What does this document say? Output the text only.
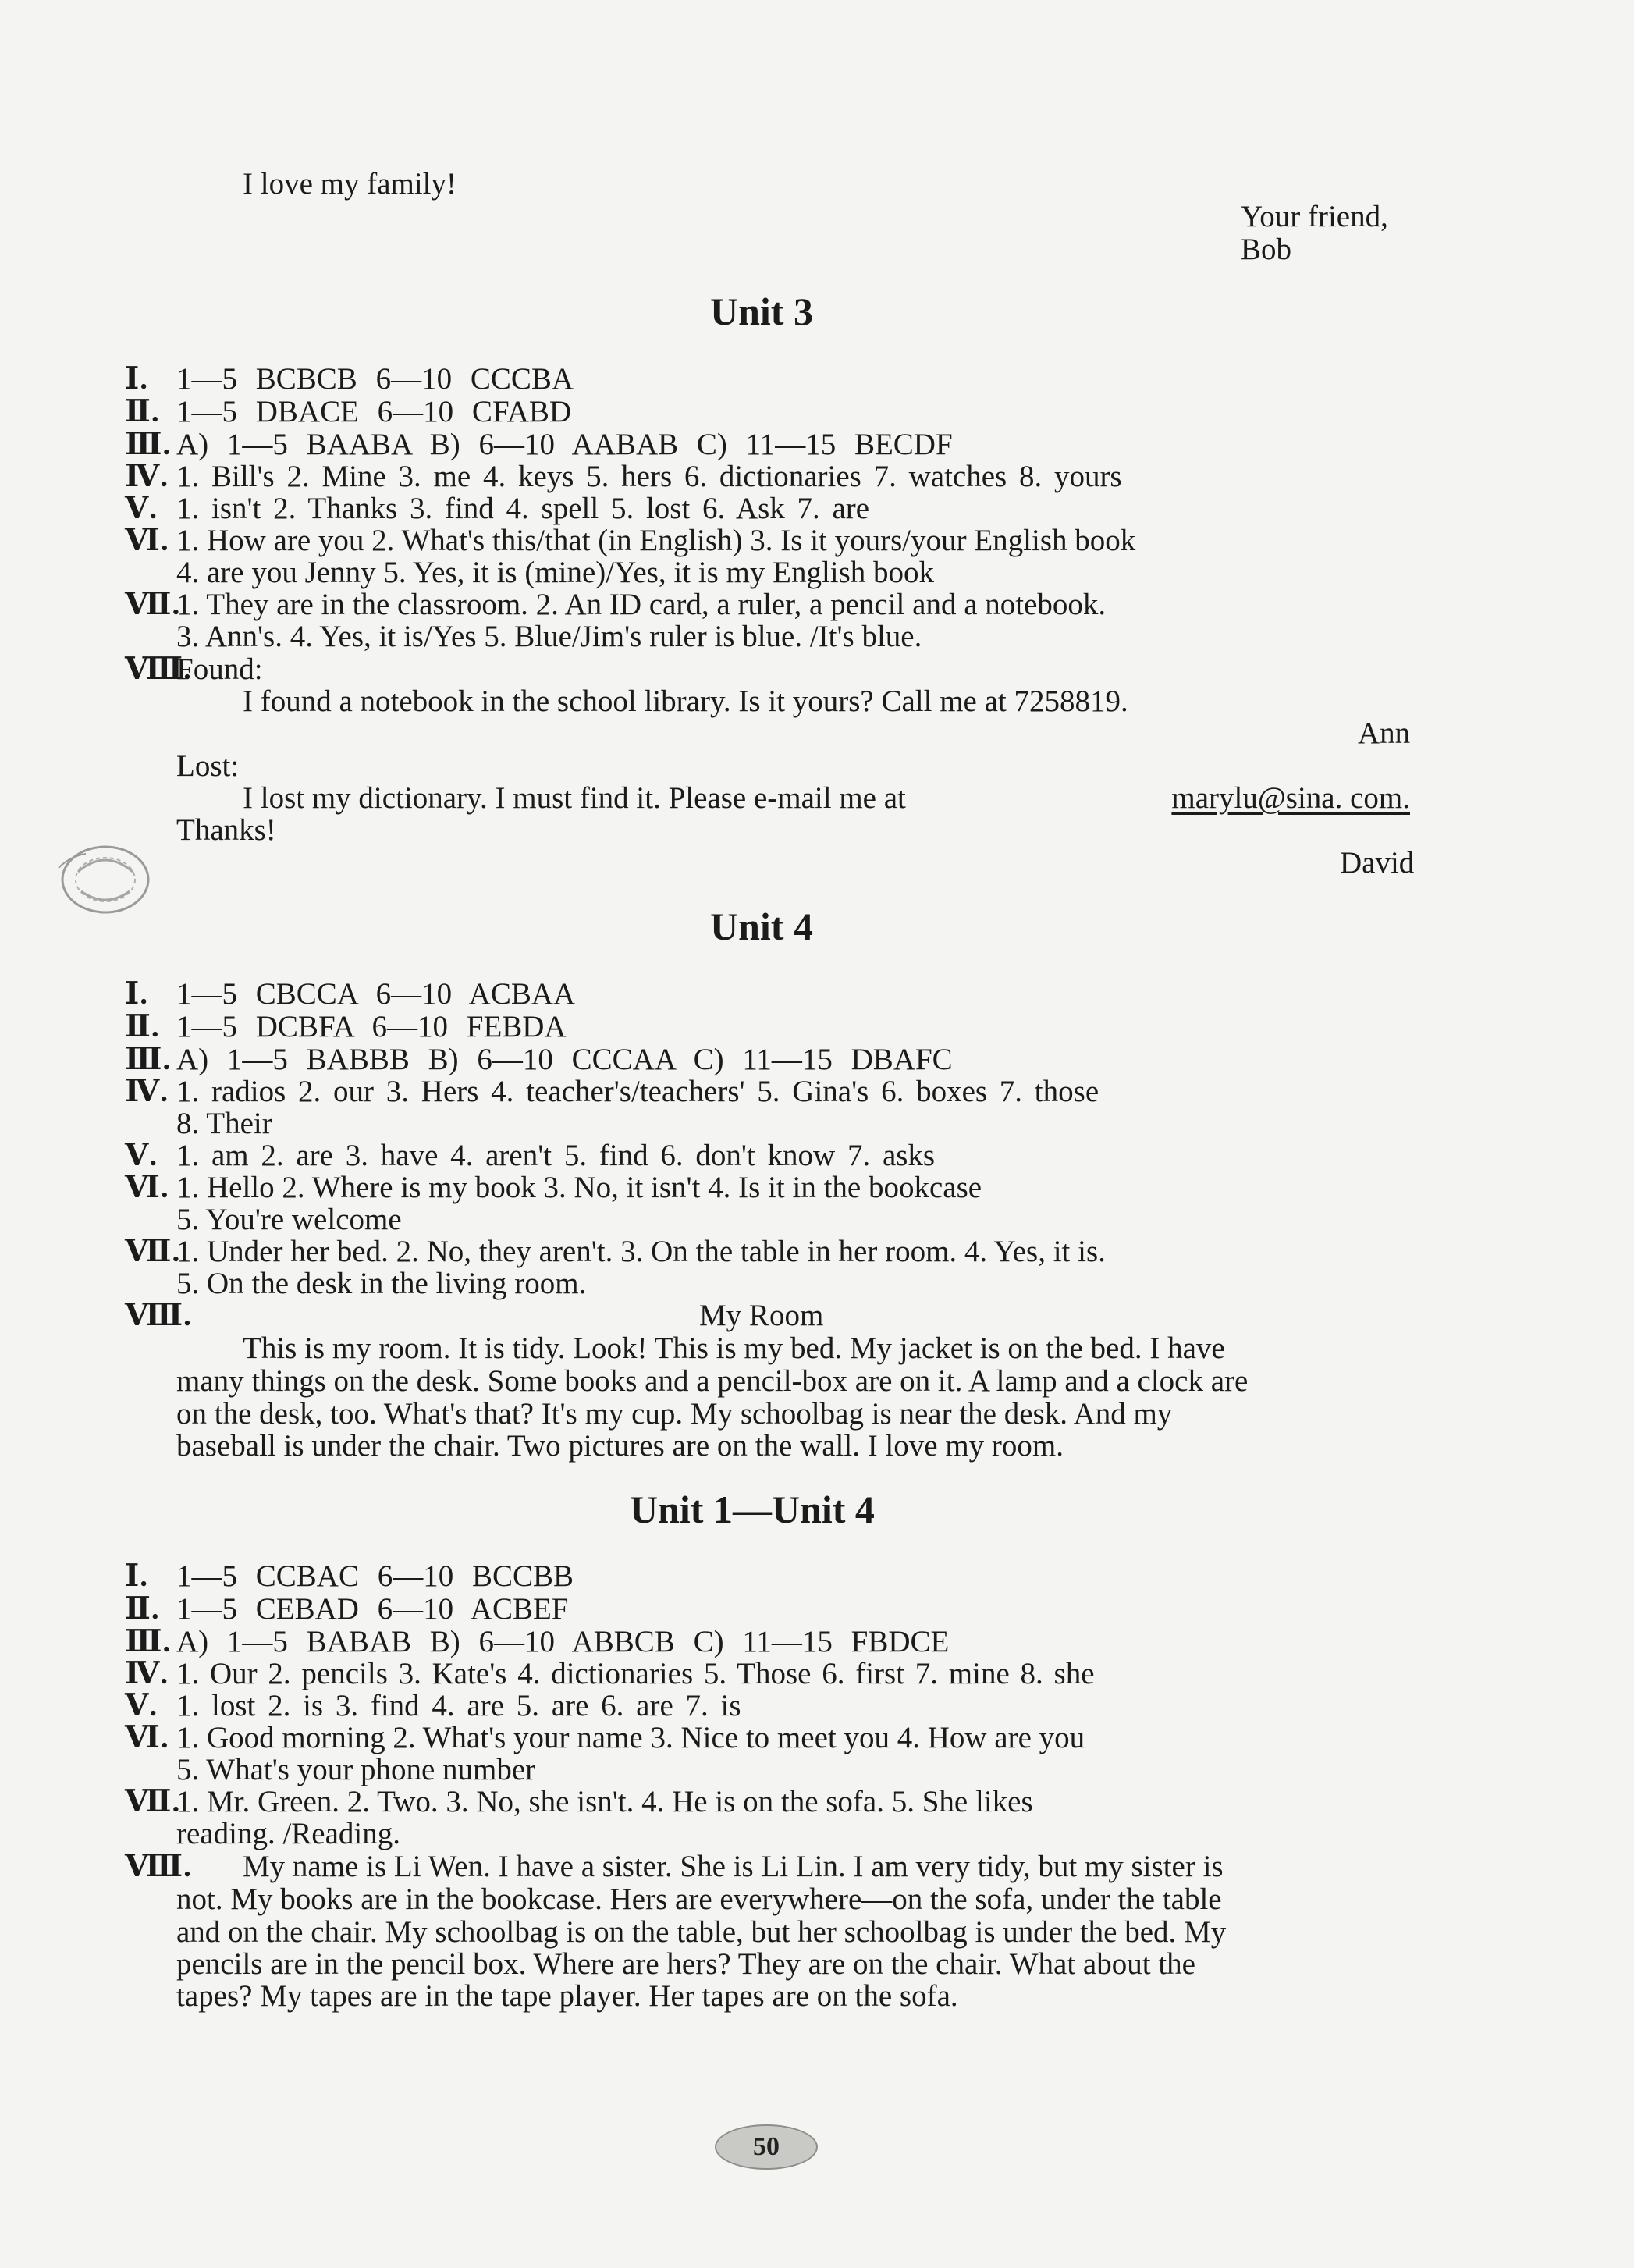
I love my family!
Your friend,
Bob
Unit 3
Ⅰ. 1—5 BCBCB 6—10 CCCBA
Ⅱ. 1—5 DBACE 6—10 CFABD
Ⅲ. A) 1—5 BAABA B) 6—10 AABAB C) 11—15 BECDF
Ⅳ. 1. Bill's 2. Mine 3. me 4. keys 5. hers 6. dictionaries 7. watches 8. yours
Ⅴ. 1. isn't 2. Thanks 3. find 4. spell 5. lost 6. Ask 7. are
Ⅵ. 1. How are you 2. What's this/that (in English) 3. Is it yours/your English book
4. are you Jenny 5. Yes, it is (mine)/Yes, it is my English book
Ⅶ.
1. They are in the classroom. 2. An ID card, a ruler, a pencil and a notebook.
3. Ann's. 4. Yes, it is/Yes 5. Blue/Jim's ruler is blue. /It's blue.
Ⅷ.
Found:
I found a notebook in the school library. Is it yours? Call me at 7258819.
Ann
Lost:
I lost my dictionary. I must find it. Please e-mail me at	marylu@sina. com.
Thanks!
David
Unit 4
Ⅰ. 1—5 CBCCA 6—10 ACBAA
Ⅱ. 1—5 DCBFA 6—10 FEBDA
Ⅲ. A) 1—5 BABBB B) 6—10 CCCAA C) 11—15 DBAFC
Ⅳ. 1. radios 2. our 3. Hers 4. teacher's/teachers' 5. Gina's 6. boxes 7. those
8. Their
Ⅴ. 1. am 2. are 3. have 4. aren't 5. find 6. don't know 7. asks
Ⅵ. 1. Hello 2. Where is my book 3. No, it isn't 4. Is it in the bookcase
5. You're welcome
Ⅶ.
1. Under her bed. 2. No, they aren't. 3. On the table in her room. 4. Yes, it is.
5. On the desk in the living room.
Ⅷ.	My Room
This is my room. It is tidy. Look! This is my bed. My jacket is on the bed. I have
many things on the desk. Some books and a pencil-box are on it. A lamp and a clock are
on the desk, too. What's that? It's my cup. My schoolbag is near the desk. And my
baseball is under the chair. Two pictures are on the wall. I love my room.
Unit 1—Unit 4
Ⅰ. 1—5 CCBAC 6—10 BCCBB
Ⅱ. 1—5 CEBAD 6—10 ACBEF
Ⅲ. A) 1—5 BABAB B) 6—10 ABBCB C) 11—15 FBDCE
Ⅳ. 1. Our 2. pencils 3. Kate's 4. dictionaries 5. Those 6. first 7. mine 8. she
Ⅴ. 1. lost 2. is 3. find 4. are 5. are 6. are 7. is
Ⅵ. 1. Good morning 2. What's your name 3. Nice to meet you 4. How are you
5. What's your phone number
Ⅶ.
1. Mr. Green. 2. Two. 3. No, she isn't. 4. He is on the sofa. 5. She likes
reading. /Reading.
Ⅷ. My name is Li Wen. I have a sister. She is Li Lin. I am very tidy, but my sister is
not. My books are in the bookcase. Hers are everywhere—on the sofa, under the table
and on the chair. My schoolbag is on the table, but her schoolbag is under the bed. My
pencils are in the pencil box. Where are hers? They are on the chair. What about the
tapes? My tapes are in the tape player. Her tapes are on the sofa.
50
